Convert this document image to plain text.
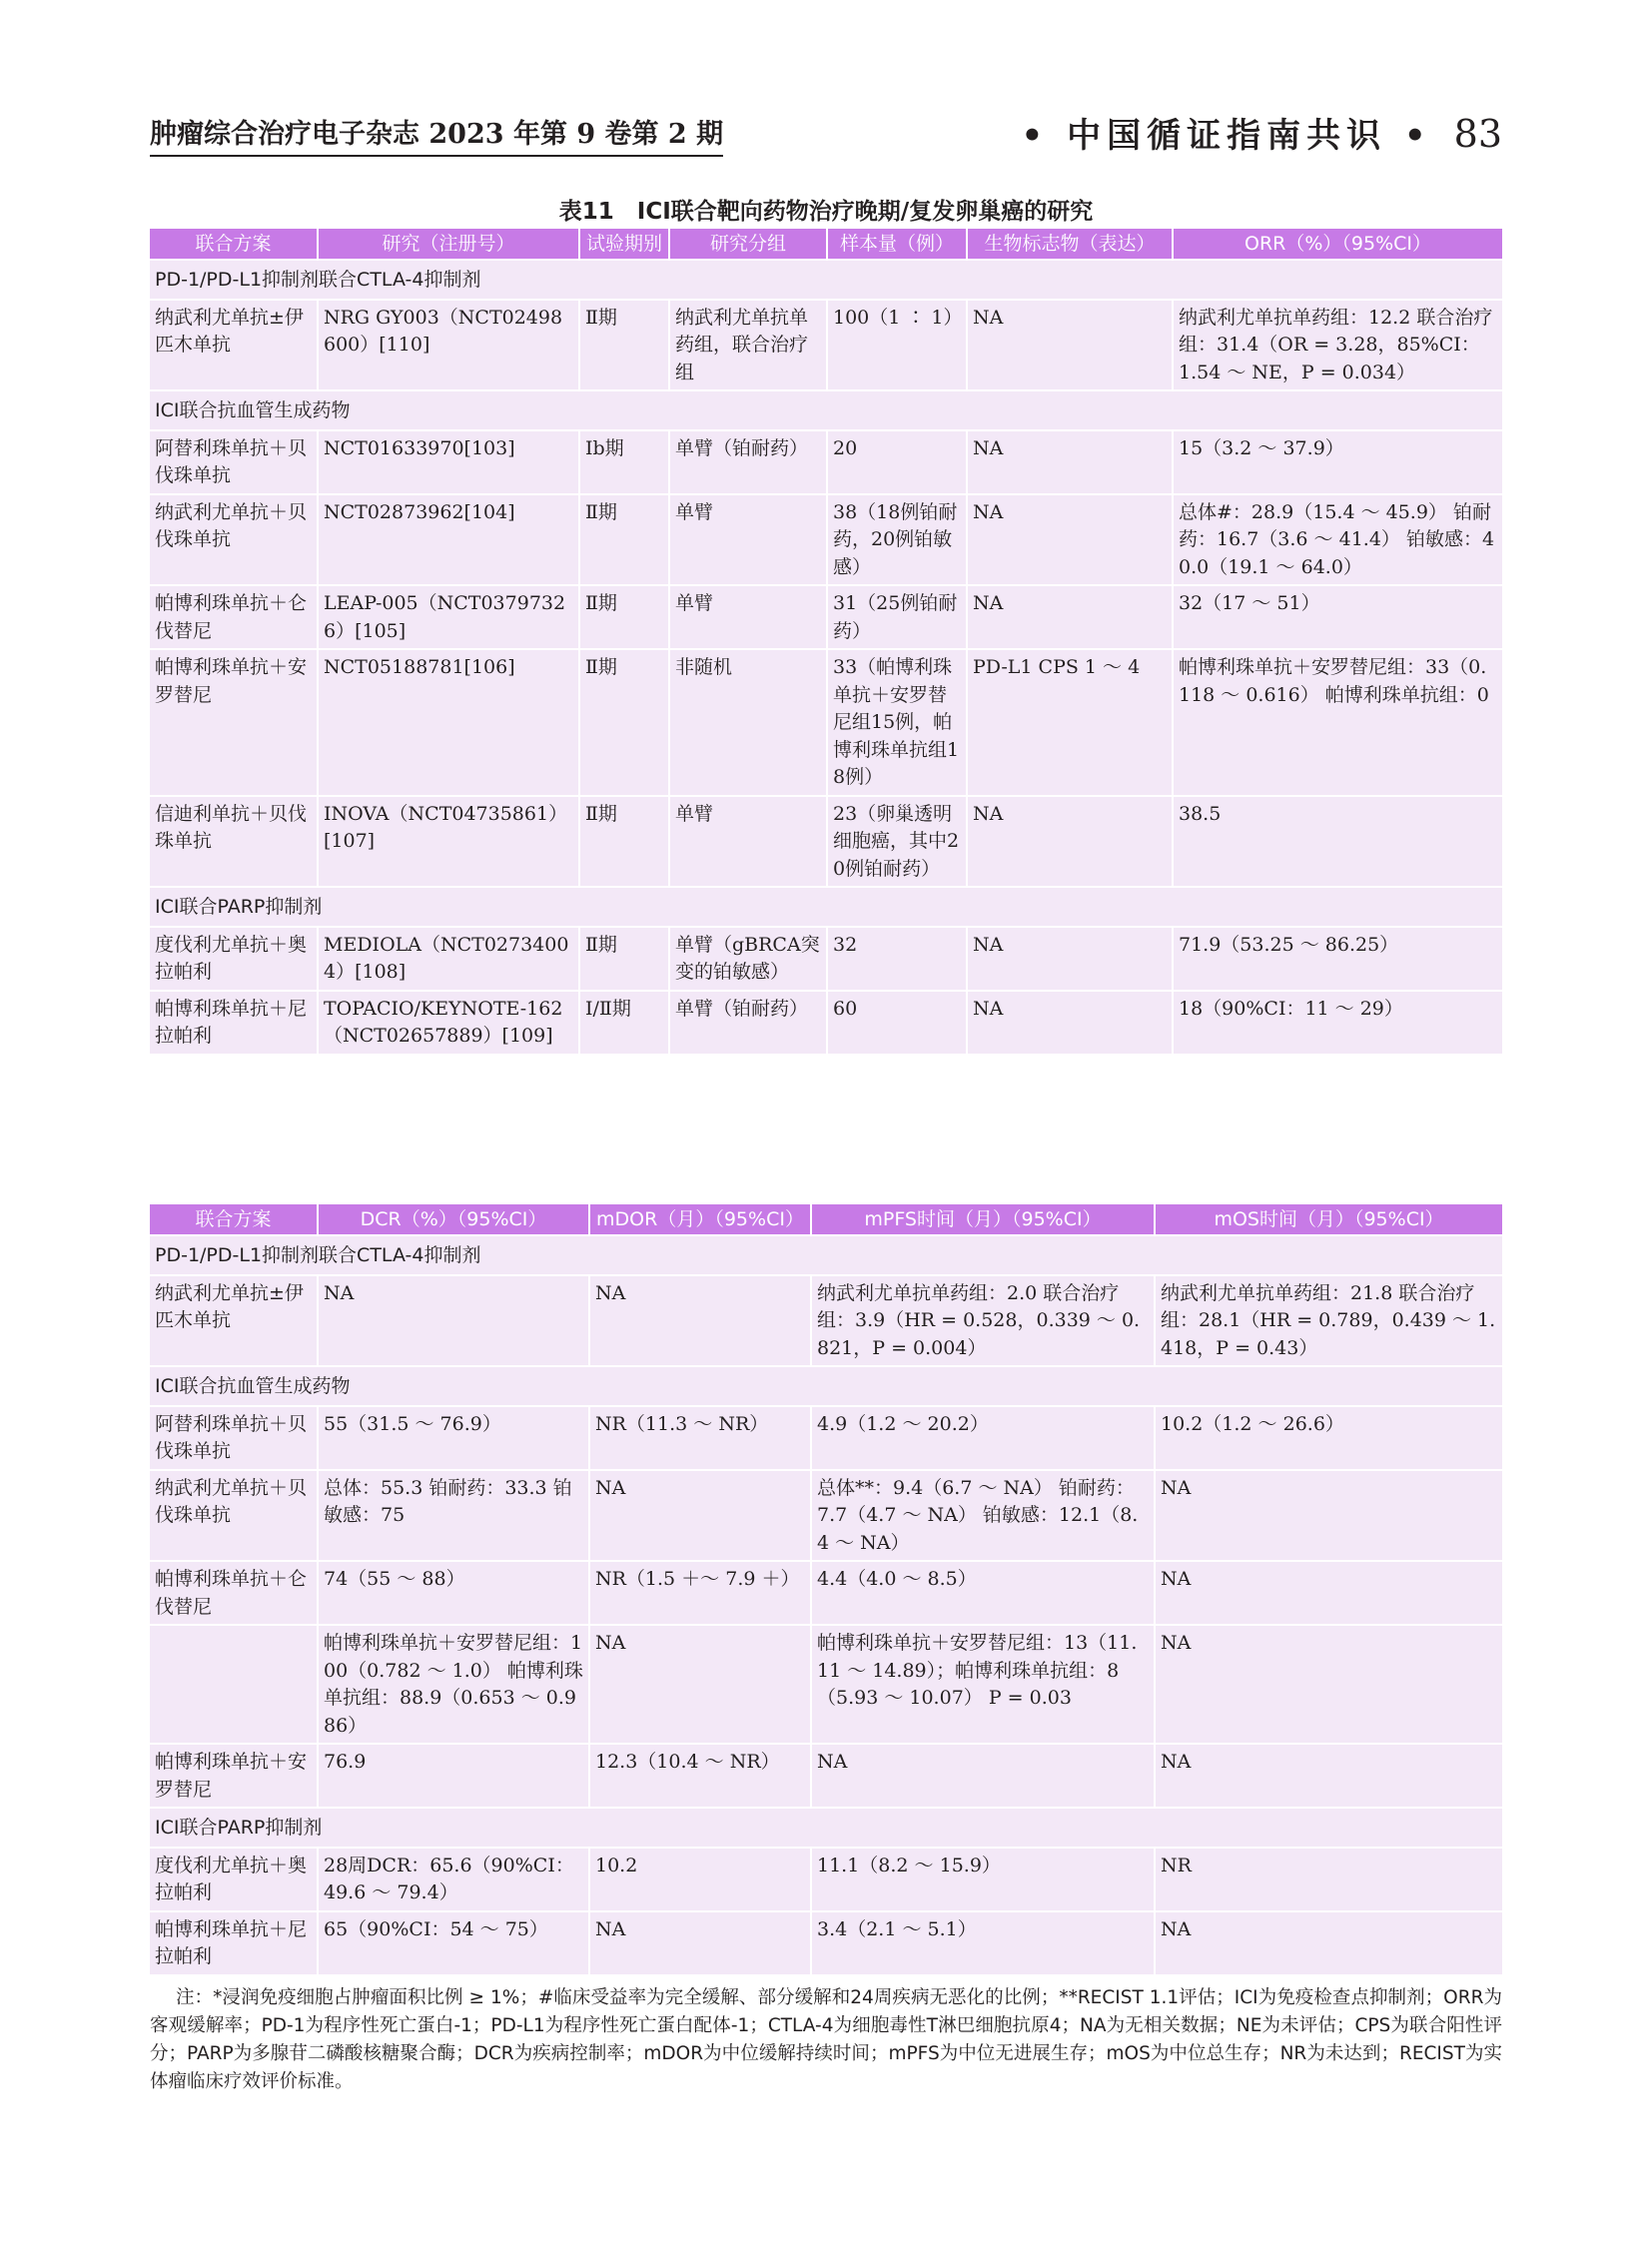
肿瘤综合治疗电子杂志 2023 年第 9 卷第 2 期	• 中国循证指南共识 • 83
表11　ICI联合靶向药物治疗晚期/复发卵巢癌的研究
联合方案	研究（注册号）	试验期别	研究分组	样本量（例）	生物标志物（表达）	ORR（%）（95%CI）
PD-1/PD-L1抑制剂联合CTLA-4抑制剂						
纳武利尤单抗±伊匹木单抗	NRG GY003（NCT02498600）[110]	Ⅱ期	纳武利尤单抗单药组，联合治疗组	100（1 ∶ 1）	NA	纳武利尤单抗单药组：12.2 联合治疗组：31.4（OR = 3.28，85%CI：1.54 ～ NE，P = 0.034）
ICI联合抗血管生成药物						
阿替利珠单抗＋贝伐珠单抗	NCT01633970[103]	Ⅰb期	单臂（铂耐药）	20	NA	15（3.2 ～ 37.9）
纳武利尤单抗＋贝伐珠单抗	NCT02873962[104]	Ⅱ期	单臂	38（18例铂耐药，20例铂敏感）	NA	总体#：28.9（15.4 ～ 45.9） 铂耐药：16.7（3.6 ～ 41.4） 铂敏感：40.0（19.1 ～ 64.0）
帕博利珠单抗＋仑伐替尼	LEAP-005（NCT03797326）[105]	Ⅱ期	单臂	31（25例铂耐药）	NA	32（17 ～ 51）
帕博利珠单抗＋安罗替尼	NCT05188781[106]	Ⅱ期	非随机	33（帕博利珠单抗＋安罗替尼组15例，帕博利珠单抗组18例）	PD-L1 CPS 1 ～ 4	帕博利珠单抗＋安罗替尼组：33（0.118 ～ 0.616） 帕博利珠单抗组：0
信迪利单抗＋贝伐珠单抗	INOVA（NCT04735861）[107]	Ⅱ期	单臂	23（卵巢透明细胞癌，其中20例铂耐药）	NA	38.5
ICI联合PARP抑制剂						
度伐利尤单抗＋奥拉帕利	MEDIOLA（NCT02734004）[108]	Ⅱ期	单臂（gBRCA突变的铂敏感）	32	NA	71.9（53.25 ～ 86.25）
帕博利珠单抗＋尼拉帕利	TOPACIO/KEYNOTE-162（NCT02657889）[109]	Ⅰ/Ⅱ期	单臂（铂耐药）	60	NA	18（90%CI：11 ～ 29）
联合方案	DCR（%）（95%CI）	mDOR（月）（95%CI）	mPFS时间（月）（95%CI）	mOS时间（月）（95%CI）
PD-1/PD-L1抑制剂联合CTLA-4抑制剂				
纳武利尤单抗±伊匹木单抗	NA	NA	纳武利尤单抗单药组：2.0 联合治疗组：3.9（HR = 0.528，0.339 ～ 0.821，P = 0.004）	纳武利尤单抗单药组：21.8 联合治疗组：28.1（HR = 0.789，0.439 ～ 1.418，P = 0.43）
ICI联合抗血管生成药物				
阿替利珠单抗＋贝伐珠单抗	55（31.5 ～ 76.9）	NR（11.3 ～ NR）	4.9（1.2 ～ 20.2）	10.2（1.2 ～ 26.6）
纳武利尤单抗＋贝伐珠单抗	总体：55.3 铂耐药：33.3 铂敏感：75	NA	总体**：9.4（6.7 ～ NA） 铂耐药：7.7（4.7 ～ NA） 铂敏感：12.1（8.4 ～ NA）	NA
帕博利珠单抗＋仑伐替尼	74（55 ～ 88）	NR（1.5 ＋～ 7.9 ＋）	4.4（4.0 ～ 8.5）	NA
	帕博利珠单抗＋安罗替尼组：100（0.782 ～ 1.0） 帕博利珠单抗组：88.9（0.653 ～ 0.986）	NA	帕博利珠单抗＋安罗替尼组：13（11.11 ～ 14.89）；帕博利珠单抗组：8（5.93 ～ 10.07） P = 0.03	NA
帕博利珠单抗＋安罗替尼	76.9	12.3（10.4 ～ NR）	NA	NA
ICI联合PARP抑制剂				
度伐利尤单抗＋奥拉帕利	28周DCR：65.6（90%CI：49.6 ～ 79.4）	10.2	11.1（8.2 ～ 15.9）	NR
帕博利珠单抗＋尼拉帕利	65（90%CI：54 ～ 75）	NA	3.4（2.1 ～ 5.1）	NA
注：*浸润免疫细胞占肿瘤面积比例 ≥ 1%；#临床受益率为完全缓解、部分缓解和24周疾病无恶化的比例；**RECIST 1.1评估；ICI为免疫检查点抑制剂；ORR为客观缓解率；PD-1为程序性死亡蛋白-1；PD-L1为程序性死亡蛋白配体-1；CTLA-4为细胞毒性T淋巴细胞抗原4；NA为无相关数据；NE为未评估；CPS为联合阳性评分；PARP为多腺苷二磷酸核糖聚合酶；DCR为疾病控制率；mDOR为中位缓解持续时间；mPFS为中位无进展生存；mOS为中位总生存；NR为未达到；RECIST为实体瘤临床疗效评价标准。
